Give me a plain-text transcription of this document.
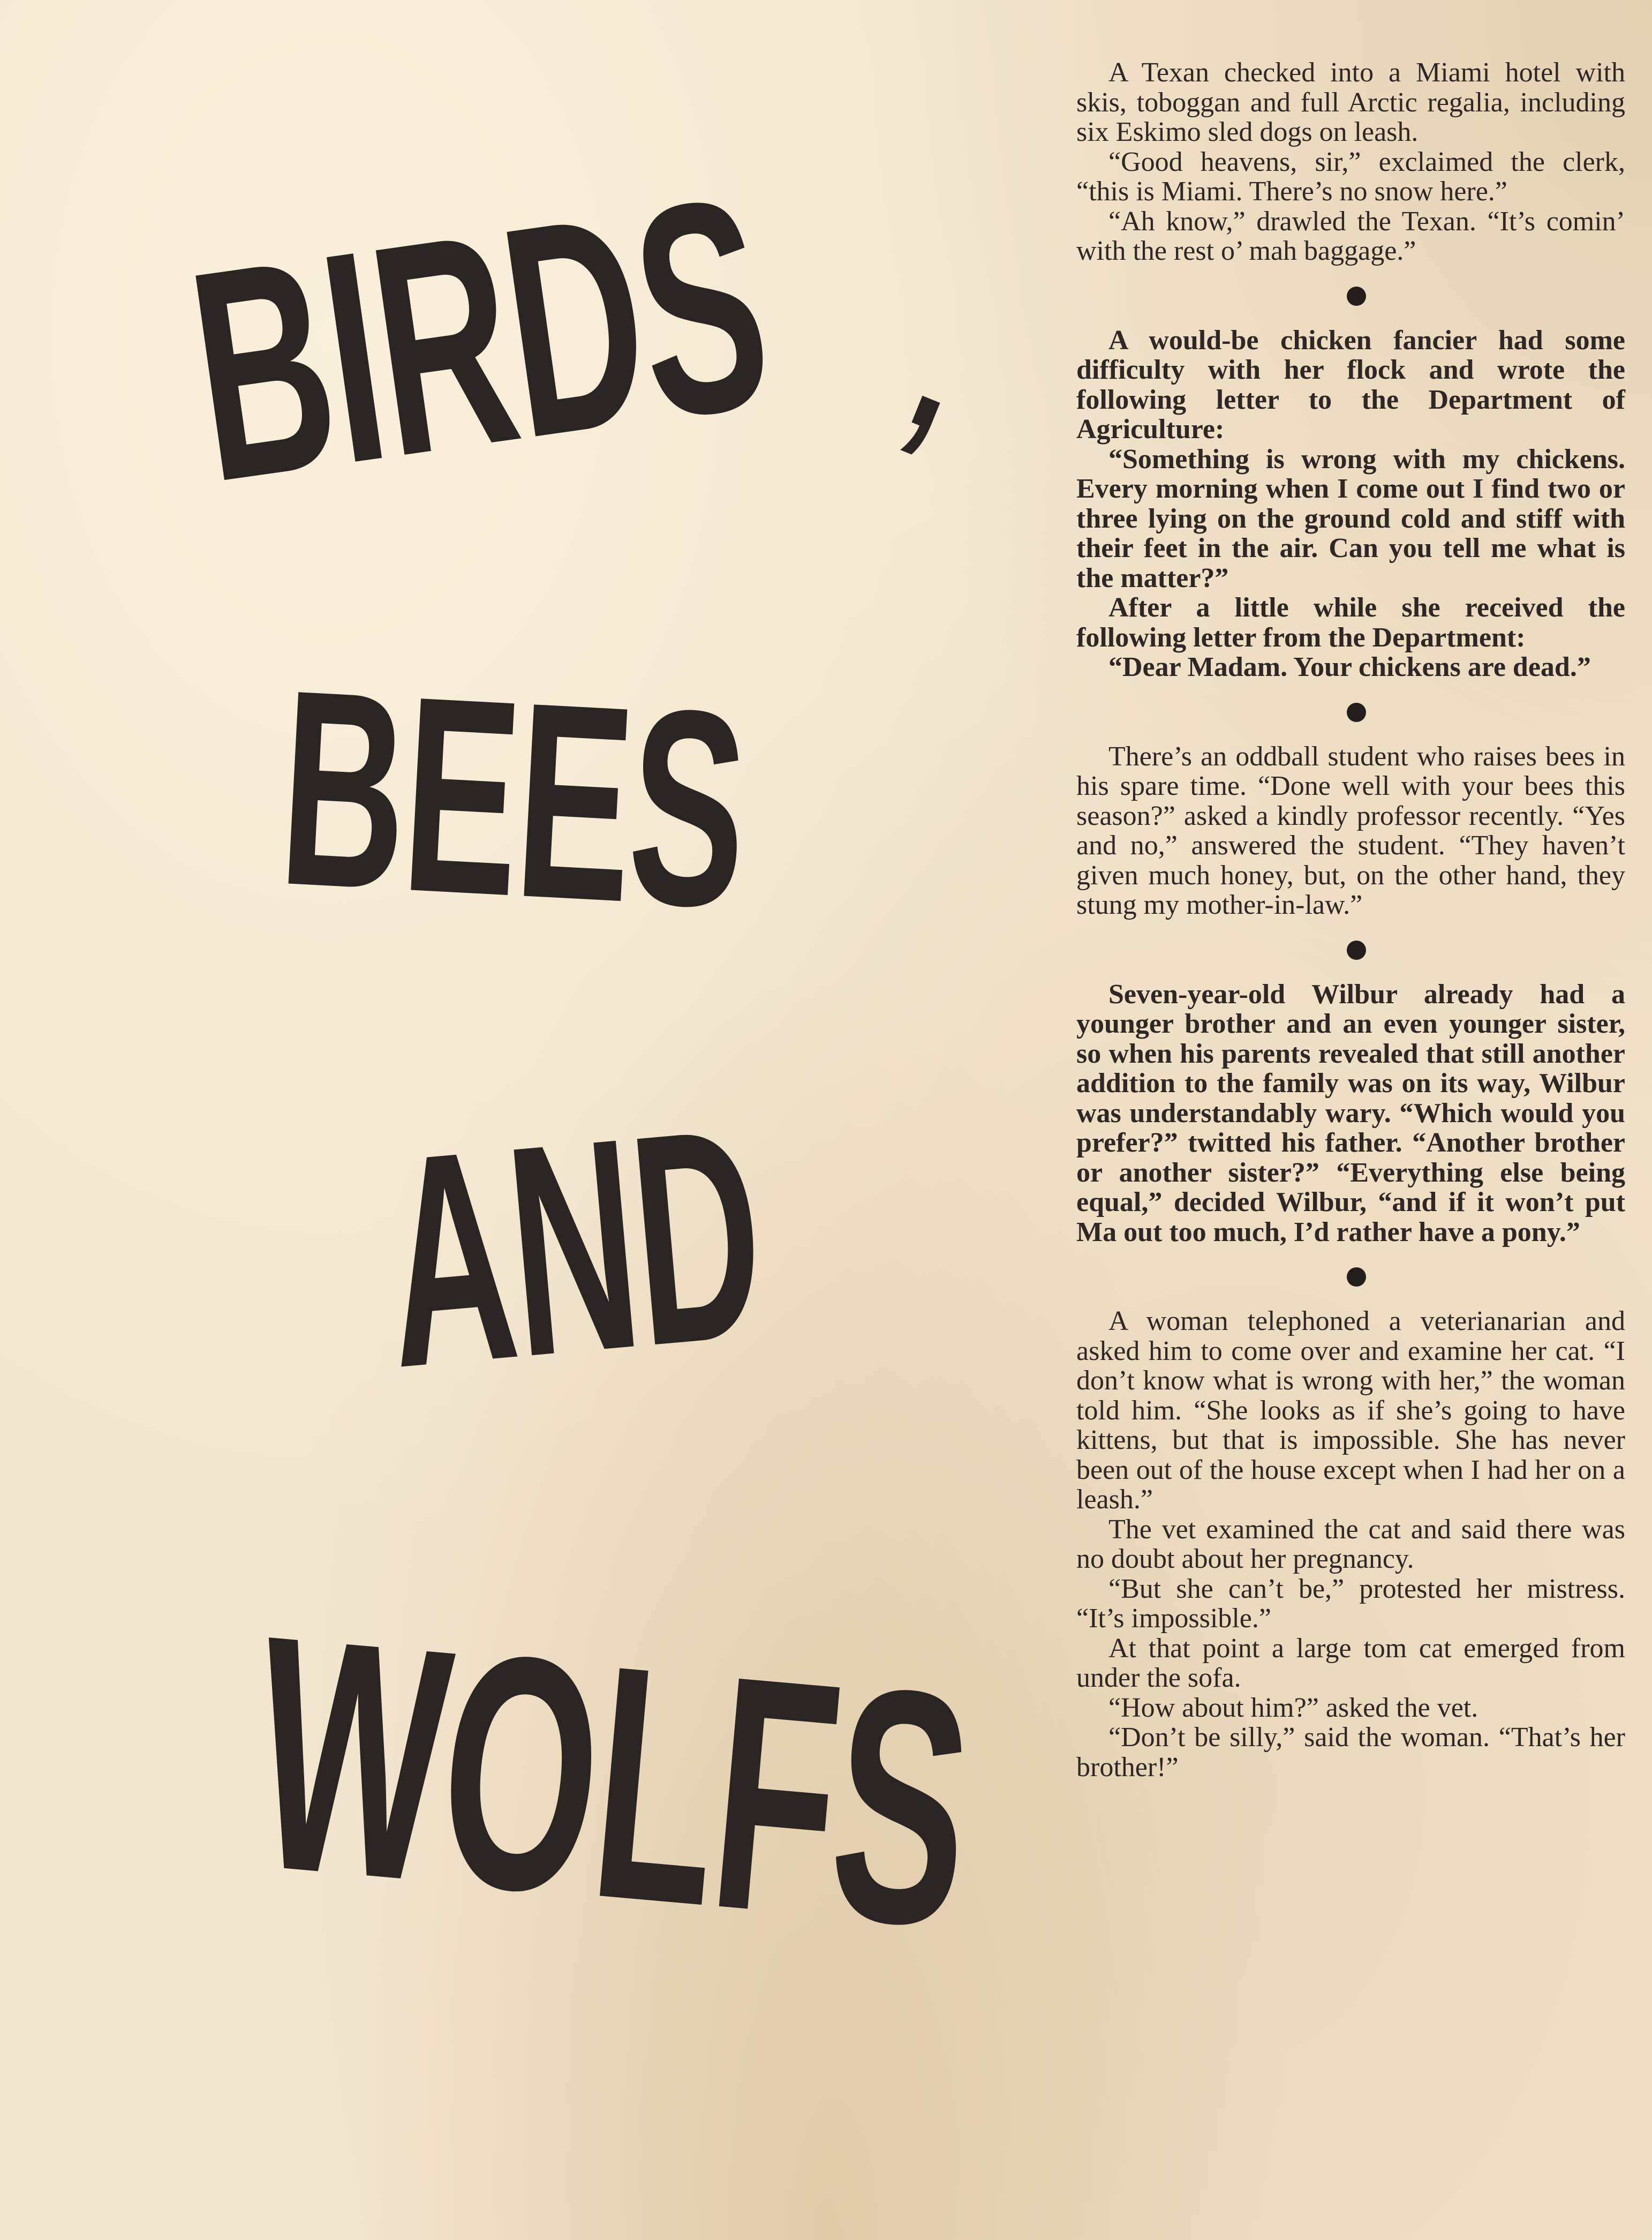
BIRDS ,
BEES
AND
WOLFS

A Texan checked into a Miami hotel with skis, toboggan and full Arctic regalia, including six Eskimo sled dogs on leash.

“Good heavens, sir,” exclaimed the clerk, “this is Miami. There’s no snow here.”

“Ah know,” drawled the Texan. “It’s comin’ with the rest o’ mah baggage.”

A would-be chicken fancier had some difficulty with her flock and wrote the following letter to the Department of Agriculture:

“Something is wrong with my chickens. Every morning when I come out I find two or three lying on the ground cold and stiff with their feet in the air. Can you tell me what is the matter?”

After a little while she received the following letter from the Department:

“Dear Madam. Your chickens are dead.”

There’s an oddball student who raises bees in his spare time. “Done well with your bees this season?” asked a kindly professor recently. “Yes and no,” answered the student. “They haven’t given much honey, but, on the other hand, they stung my mother-in-law.”

Seven-year-old Wilbur already had a younger brother and an even younger sister, so when his parents revealed that still another addition to the family was on its way, Wilbur was understandably wary. “Which would you prefer?” twitted his father. “Another brother or another sister?” “Everything else being equal,” decided Wilbur, “and if it won’t put Ma out too much, I’d rather have a pony.”

A woman telephoned a veterianarian and asked him to come over and examine her cat. “I don’t know what is wrong with her,” the woman told him. “She looks as if she’s going to have kittens, but that is impossible. She has never been out of the house except when I had her on a leash.”

The vet examined the cat and said there was no doubt about her pregnancy.

“But she can’t be,” protested her mistress. “It’s impossible.”

At that point a large tom cat emerged from under the sofa.

“How about him?” asked the vet.

“Don’t be silly,” said the woman. “That’s her brother!”
